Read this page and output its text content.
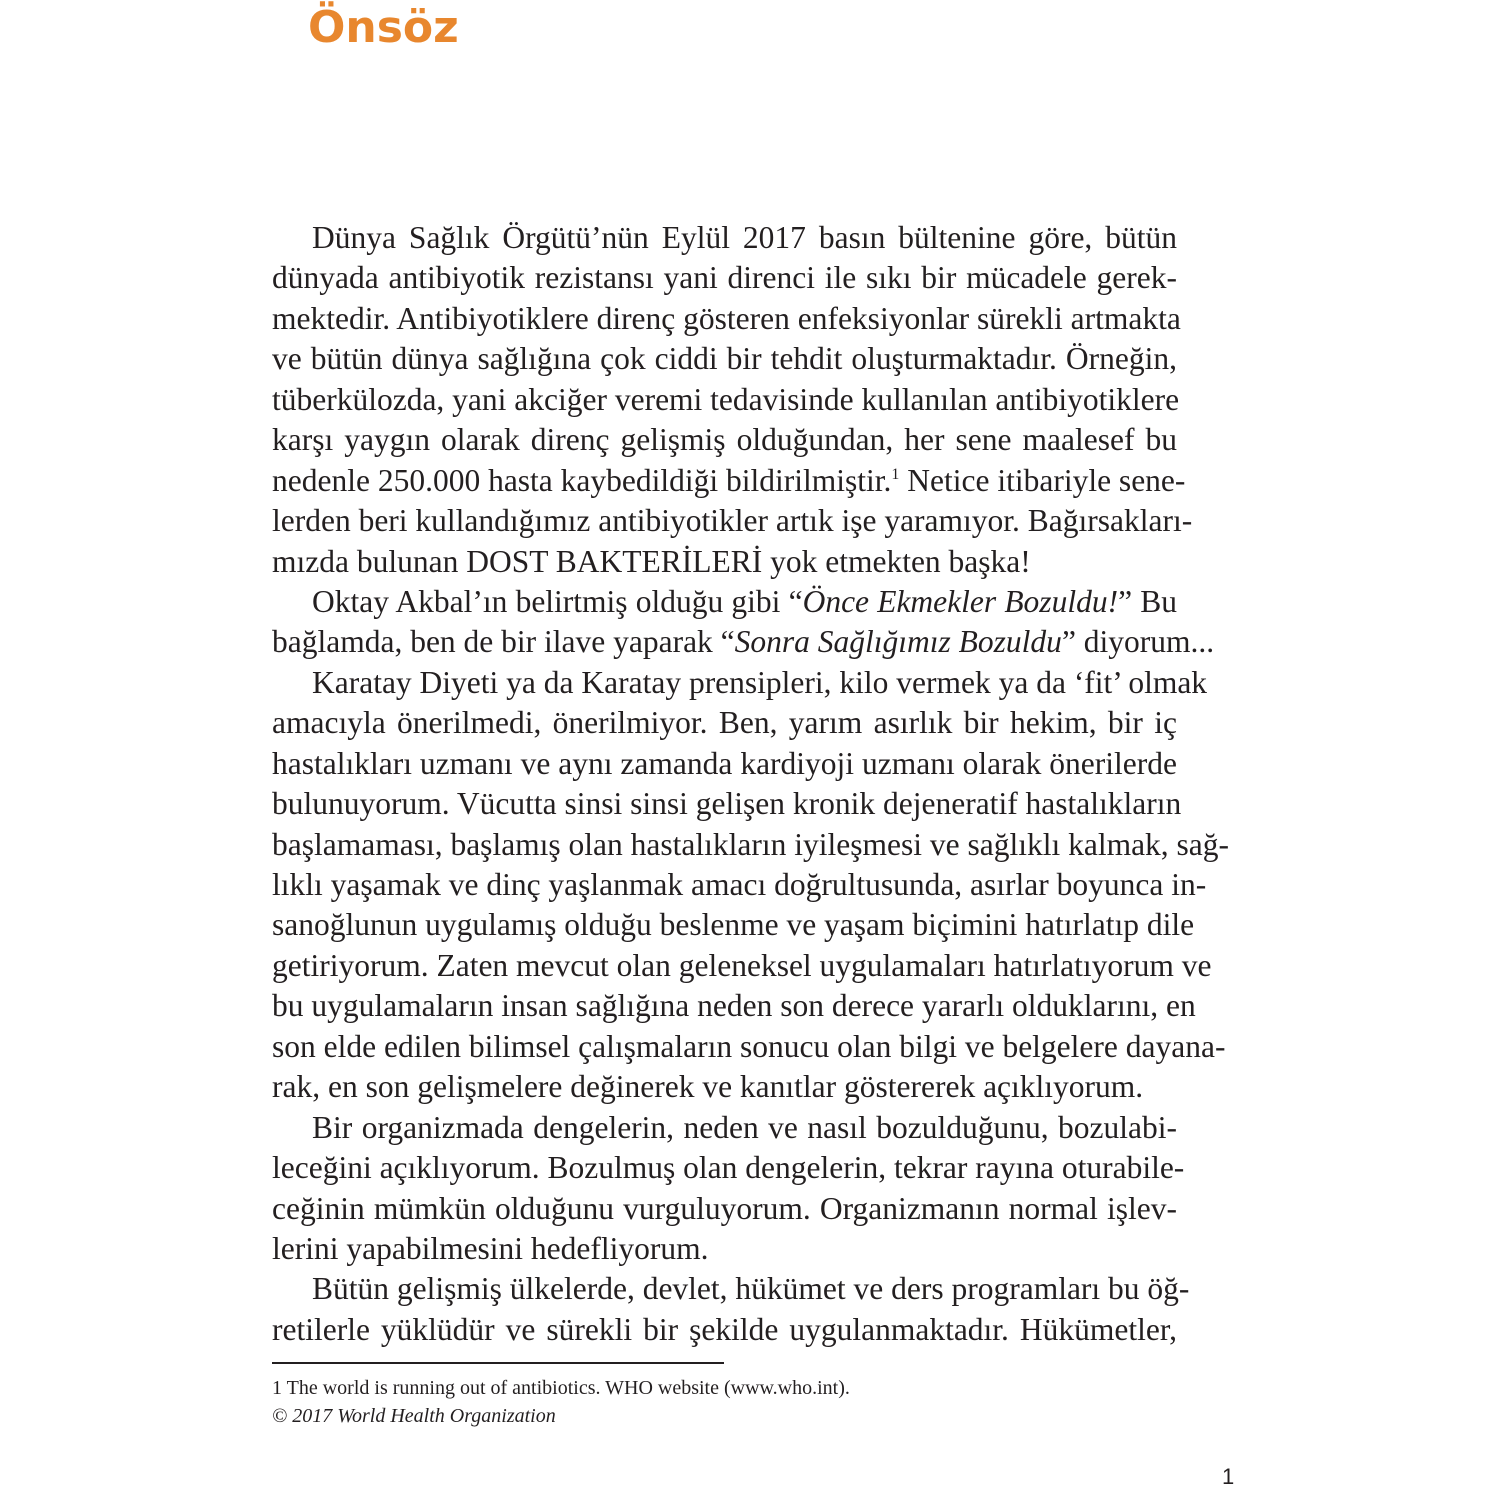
Önsöz
Dünya Sağlık Örgütü’nün Eylül 2017 basın bültenine göre, bütün
dünyada antibiyotik rezistansı yani direnci ile sıkı bir mücadele gerek-
mektedir. Antibiyotiklere direnç gösteren enfeksiyonlar sürekli artmakta
ve bütün dünya sağlığına çok ciddi bir tehdit oluşturmaktadır. Örneğin,
tüberkülozda, yani akciğer veremi tedavisinde kullanılan antibiyotiklere
karşı yaygın olarak direnç gelişmiş olduğundan, her sene maalesef bu
nedenle 250.000 hasta kaybedildiği bildirilmiştir.$^1$ Netice itibariyle sene-
lerden beri kullandığımız antibiyotikler artık işe yaramıyor. Bağırsakları-
mızda bulunan DOST BAKTERİLERİ yok etmekten başka!
Oktay Akbal’ın belirtmiş olduğu gibi “Önce Ekmekler Bozuldu!” Bu
bağlamda, ben de bir ilave yaparak “Sonra Sağlığımız Bozuldu” diyorum...
Karatay Diyeti ya da Karatay prensipleri, kilo vermek ya da ‘fit’ olmak
amacıyla önerilmedi, önerilmiyor. Ben, yarım asırlık bir hekim, bir iç
hastalıkları uzmanı ve aynı zamanda kardiyoji uzmanı olarak önerilerde
bulunuyorum. Vücutta sinsi sinsi gelişen kronik dejeneratif hastalıkların
başlamaması, başlamış olan hastalıkların iyileşmesi ve sağlıklı kalmak, sağ-
lıklı yaşamak ve dinç yaşlanmak amacı doğrultusunda, asırlar boyunca in-
sanoğlunun uygulamış olduğu beslenme ve yaşam biçimini hatırlatıp dile
getiriyorum. Zaten mevcut olan geleneksel uygulamaları hatırlatıyorum ve
bu uygulamaların insan sağlığına neden son derece yararlı olduklarını, en
son elde edilen bilimsel çalışmaların sonucu olan bilgi ve belgelere dayana-
rak, en son gelişmelere değinerek ve kanıtlar göstererek açıklıyorum.
Bir organizmada dengelerin, neden ve nasıl bozulduğunu, bozulabi-
leceğini açıklıyorum. Bozulmuş olan dengelerin, tekrar rayına oturabile-
ceğinin mümkün olduğunu vurguluyorum. Organizmanın normal işlev-
lerini yapabilmesini hedefliyorum.
Bütün gelişmiş ülkelerde, devlet, hükümet ve ders programları bu öğ-
retilerle yüklüdür ve sürekli bir şekilde uygulanmaktadır. Hükümetler,
1 The world is running out of antibiotics. WHO website (www.who.int).
© 2017 World Health Organization
1
